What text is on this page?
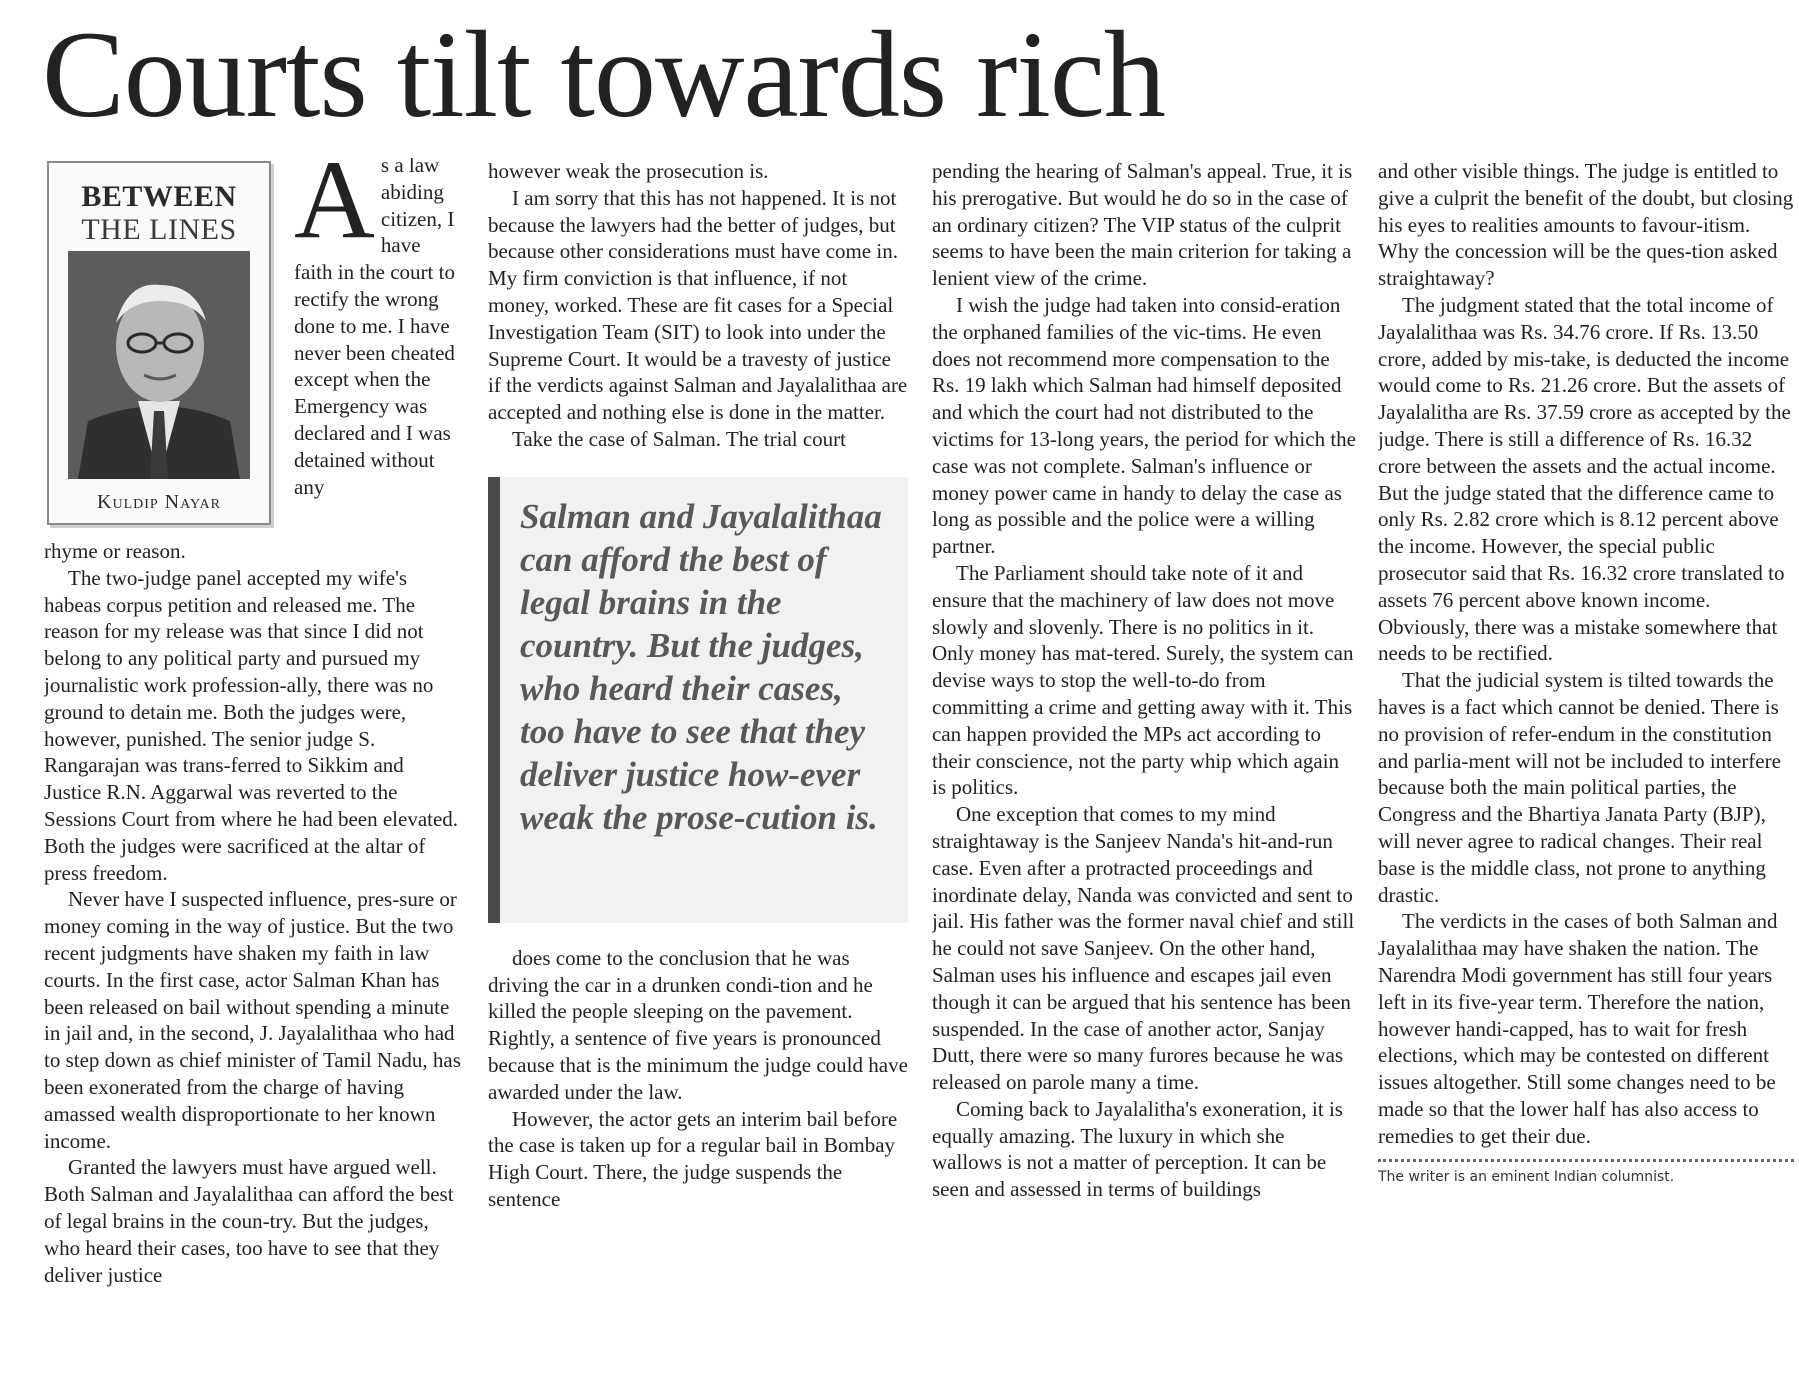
Courts tilt towards rich
BETWEEN
THE LINES
Kuldip Nayar
A s a law abiding citizen, I have faith in the court to rectify the wrong done to me. I have never been cheated except when the Emergency was declared and I was detained without any

rhyme or reason.

The two-judge panel accepted my wife's habeas corpus petition and released me. The reason for my release was that since I did not belong to any political party and pursued my journalistic work profession-ally, there was no ground to detain me. Both the judges were, however, punished. The senior judge S. Rangarajan was trans-ferred to Sikkim and Justice R.N. Aggarwal was reverted to the Sessions Court from where he had been elevated. Both the judges were sacrificed at the altar of press freedom.

Never have I suspected influence, pres-sure or money coming in the way of justice. But the two recent judgments have shaken my faith in law courts. In the first case, actor Salman Khan has been released on bail without spending a minute in jail and, in the second, J. Jayalalithaa who had to step down as chief minister of Tamil Nadu, has been exonerated from the charge of having amassed wealth disproportionate to her known income.

Granted the lawyers must have argued well. Both Salman and Jayalalithaa can afford the best of legal brains in the coun-try. But the judges, who heard their cases, too have to see that they deliver justice

however weak the prosecution is.

I am sorry that this has not happened. It is not because the lawyers had the better of judges, but because other considerations must have come in. My firm conviction is that influence, if not money, worked. These are fit cases for a Special Investigation Team (SIT) to look into under the Supreme Court. It would be a travesty of justice if the verdicts against Salman and Jayalalithaa are accepted and nothing else is done in the matter.

Take the case of Salman. The trial court

Salman and Jayalalithaa can afford the best of legal brains in the country. But the judges, who heard their cases, too have to see that they deliver justice how-ever weak the prose-cution is.

does come to the conclusion that he was driving the car in a drunken condi-tion and he killed the people sleeping on the pavement. Rightly, a sentence of five years is pronounced because that is the minimum the judge could have awarded under the law.

However, the actor gets an interim bail before the case is taken up for a regular bail in Bombay High Court. There, the judge suspends the sentence

pending the hearing of Salman's appeal. True, it is his prerogative. But would he do so in the case of an ordinary citizen? The VIP status of the culprit seems to have been the main criterion for taking a lenient view of the crime.

I wish the judge had taken into consid-eration the orphaned families of the vic-tims. He even does not recommend more compensation to the Rs. 19 lakh which Salman had himself deposited and which the court had not distributed to the victims for 13-long years, the period for which the case was not complete. Salman's influence or money power came in handy to delay the case as long as possible and the police were a willing partner.

The Parliament should take note of it and ensure that the machinery of law does not move slowly and slovenly. There is no politics in it. Only money has mat-tered. Surely, the system can devise ways to stop the well-to-do from committing a crime and getting away with it. This can happen provided the MPs act according to their conscience, not the party whip which again is politics.

One exception that comes to my mind straightaway is the Sanjeev Nanda's hit-and-run case. Even after a protracted proceedings and inordinate delay, Nanda was convicted and sent to jail. His father was the former naval chief and still he could not save Sanjeev. On the other hand, Salman uses his influence and escapes jail even though it can be argued that his sentence has been suspended. In the case of another actor, Sanjay Dutt, there were so many furores because he was released on parole many a time.

Coming back to Jayalalitha's exoneration, it is equally amazing. The luxury in which she wallows is not a matter of perception. It can be seen and assessed in terms of buildings

and other visible things. The judge is entitled to give a culprit the benefit of the doubt, but closing his eyes to realities amounts to favour-itism. Why the concession will be the ques-tion asked straightaway?

The judgment stated that the total income of Jayalalithaa was Rs. 34.76 crore. If Rs. 13.50 crore, added by mis-take, is deducted the income would come to Rs. 21.26 crore. But the assets of Jayalalitha are Rs. 37.59 crore as accepted by the judge. There is still a difference of Rs. 16.32 crore between the assets and the actual income. But the judge stated that the difference came to only Rs. 2.82 crore which is 8.12 percent above the income. However, the special public prosecutor said that Rs. 16.32 crore translated to assets 76 percent above known income. Obviously, there was a mistake somewhere that needs to be rectified.

That the judicial system is tilted towards the haves is a fact which cannot be denied. There is no provision of refer-endum in the constitution and parlia-ment will not be included to interfere because both the main political parties, the Congress and the Bhartiya Janata Party (BJP), will never agree to radical changes. Their real base is the middle class, not prone to anything drastic.

The verdicts in the cases of both Salman and Jayalalithaa may have shaken the nation. The Narendra Modi government has still four years left in its five-year term. Therefore the nation, however handi-capped, has to wait for fresh elections, which may be contested on different issues altogether. Still some changes need to be made so that the lower half has also access to remedies to get their due.

The writer is an eminent Indian columnist.
